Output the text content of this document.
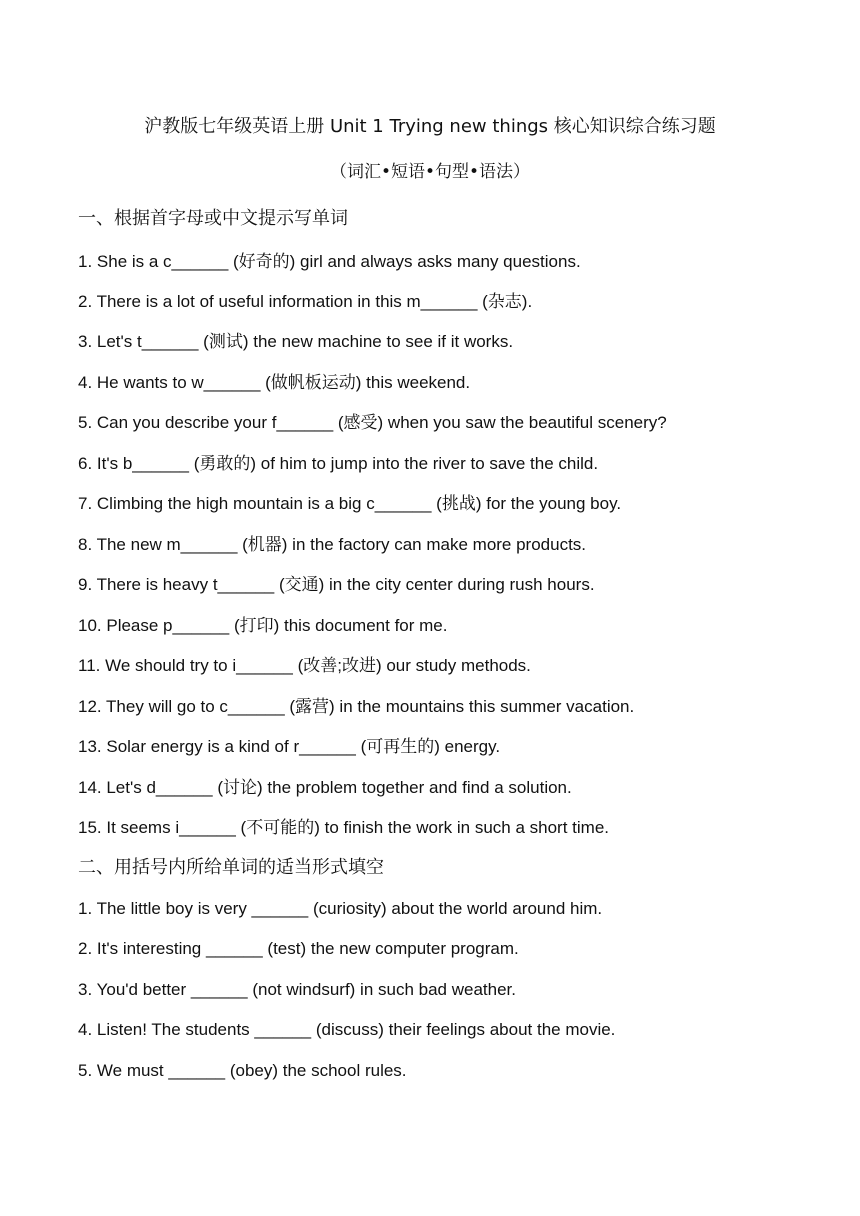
沪教版七年级英语上册 Unit 1 Trying new things 核心知识综合练习题
（词汇•短语•句型•语法）
一、根据首字母或中文提示写单词
1. She is a c______ (好奇的) girl and always asks many questions.
2. There is a lot of useful information in this m______ (杂志).
3. Let's t______ (测试) the new machine to see if it works.
4. He wants to w______ (做帆板运动) this weekend.
5. Can you describe your f______ (感受) when you saw the beautiful scenery?
6. It's b______ (勇敢的) of him to jump into the river to save the child.
7. Climbing the high mountain is a big c______ (挑战) for the young boy.
8. The new m______ (机器) in the factory can make more products.
9. There is heavy t______ (交通) in the city center during rush hours.
10. Please p______ (打印) this document for me.
11. We should try to i______ (改善;改进) our study methods.
12. They will go to c______ (露营) in the mountains this summer vacation.
13. Solar energy is a kind of r______ (可再生的) energy.
14. Let's d______ (讨论) the problem together and find a solution.
15. It seems i______ (不可能的) to finish the work in such a short time.
二、用括号内所给单词的适当形式填空
1. The little boy is very ______ (curiosity) about the world around him.
2. It's interesting ______ (test) the new computer program.
3. You'd better ______ (not windsurf) in such bad weather.
4. Listen! The students ______ (discuss) their feelings about the movie.
5. We must ______ (obey) the school rules.
